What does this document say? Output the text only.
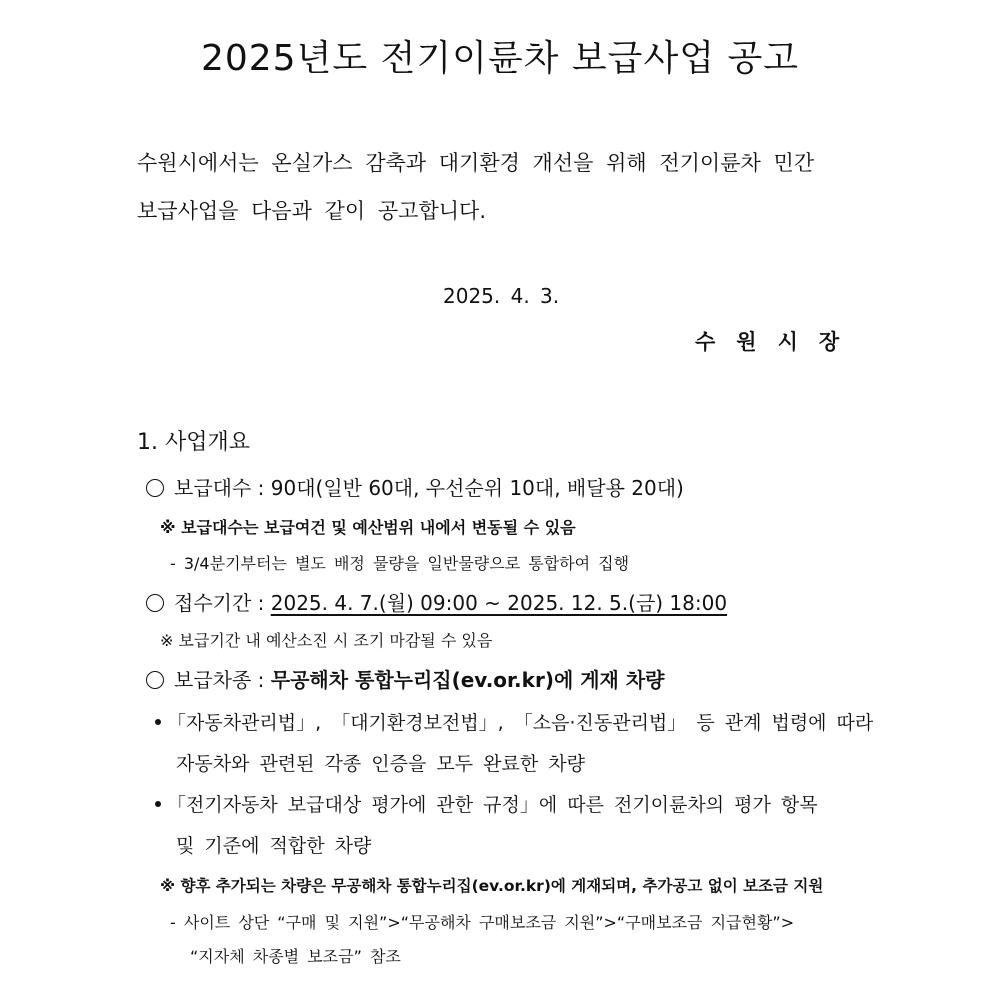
2025년도 전기이륜차 보급사업 공고
수원시에서는 온실가스 감축과 대기환경 개선을 위해 전기이륜차 민간
보급사업을 다음과 같이 공고합니다.
2025. 4. 3.
수원시장
1. 사업개요
보급대수 : 90대(일반 60대, 우선순위 10대, 배달용 20대)
※ 보급대수는 보급여건 및 예산범위 내에서 변동될 수 있음
- 3/4분기부터는 별도 배정 물량을 일반물량으로 통합하여 집행
접수기간 : 2025. 4. 7.(월) 09:00 ~ 2025. 12. 5.(금) 18:00
※ 보급기간 내 예산소진 시 조기 마감될 수 있음
보급차종 : 무공해차 통합누리집(ev.or.kr)에 게재 차량
「자동차관리법」, 「대기환경보전법」, 「소음·진동관리법」 등 관계 법령에 따라
자동차와 관련된 각종 인증을 모두 완료한 차량
「전기자동차 보급대상 평가에 관한 규정」에 따른 전기이륜차의 평가 항목
및 기준에 적합한 차량
※ 향후 추가되는 차량은 무공해차 통합누리집(ev.or.kr)에 게재되며, 추가공고 없이 보조금 지원
- 사이트 상단 “구매 및 지원”>“무공해차 구매보조금 지원”>“구매보조금 지급현황”>
“지자체 차종별 보조금” 참조
